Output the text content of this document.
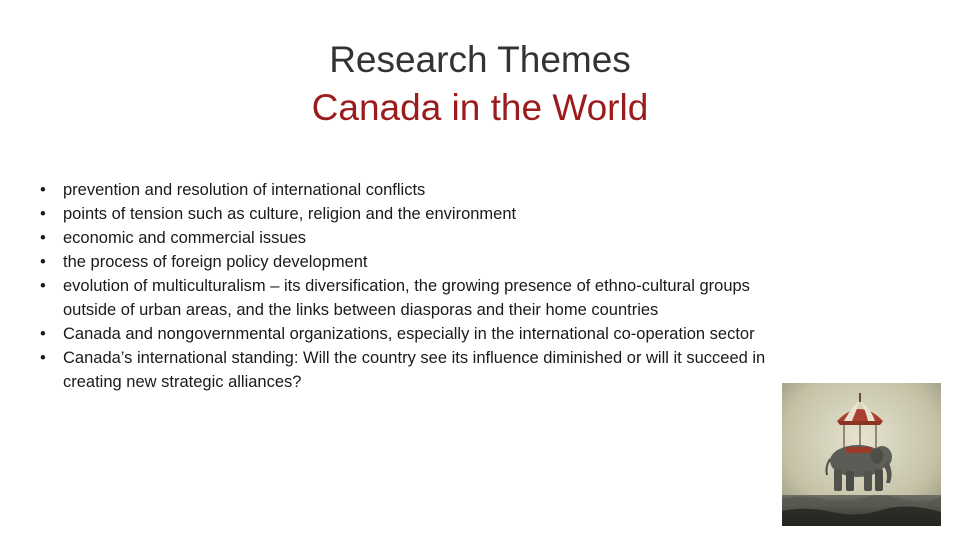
Research Themes
Canada in the World
•	prevention and resolution of international conflicts
•	points of tension such as culture, religion and the environment
•	economic and commercial issues
•	the process of foreign policy development
•	evolution of multiculturalism – its diversification, the growing presence of ethno-cultural groups outside of urban areas, and the links between diasporas and their home countries
•	Canada and nongovernmental organizations, especially in the international co-operation sector
•	Canada’s international standing: Will the country see its influence diminished or will it succeed in creating new strategic alliances?
